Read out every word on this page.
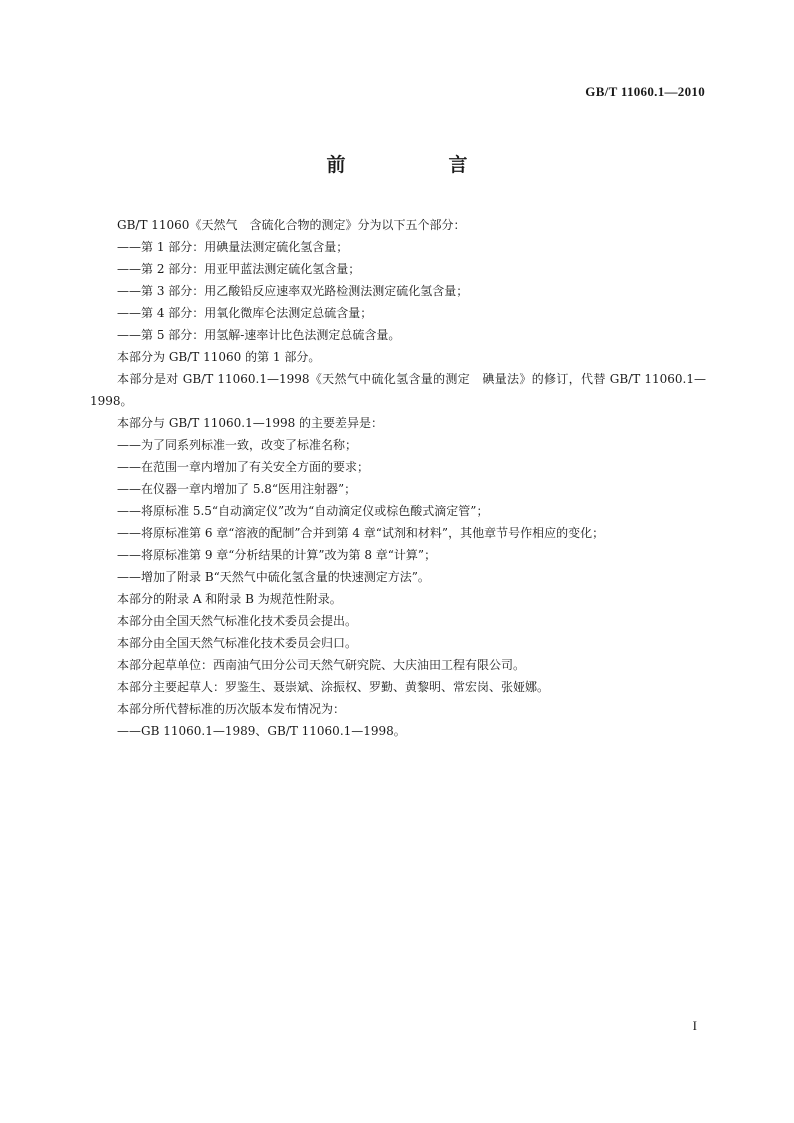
GB/T 11060.1—2010
前　言

GB/T 11060《天然气　含硫化合物的测定》分为以下五个部分：

——第 1 部分：用碘量法测定硫化氢含量；

——第 2 部分：用亚甲蓝法测定硫化氢含量；

——第 3 部分：用乙酸铅反应速率双光路检测法测定硫化氢含量；

——第 4 部分：用氧化微库仑法测定总硫含量；

——第 5 部分：用氢解-速率计比色法测定总硫含量。

本部分为 GB/T 11060 的第 1 部分。

本部分是对 GB/T 11060.1—1998《天然气中硫化氢含量的测定　碘量法》的修订，代替 GB/T 11060.1—1998。

本部分与 GB/T 11060.1—1998 的主要差异是：

——为了同系列标准一致，改变了标准名称；

——在范围一章内增加了有关安全方面的要求；

——在仪器一章内增加了 5.8“医用注射器”；

——将原标准 5.5“自动滴定仪”改为“自动滴定仪或棕色酸式滴定管”；

——将原标准第 6 章“溶液的配制”合并到第 4 章“试剂和材料”，其他章节号作相应的变化；

——将原标准第 9 章“分析结果的计算”改为第 8 章“计算”；

——增加了附录 B“天然气中硫化氢含量的快速测定方法”。

本部分的附录 A 和附录 B 为规范性附录。

本部分由全国天然气标准化技术委员会提出。

本部分由全国天然气标准化技术委员会归口。

本部分起草单位：西南油气田分公司天然气研究院、大庆油田工程有限公司。

本部分主要起草人：罗鉴生、聂崇斌、涂振权、罗勤、黄黎明、常宏岗、张娅娜。

本部分所代替标准的历次版本发布情况为：

——GB 11060.1—1989、GB/T 11060.1—1998。

I
